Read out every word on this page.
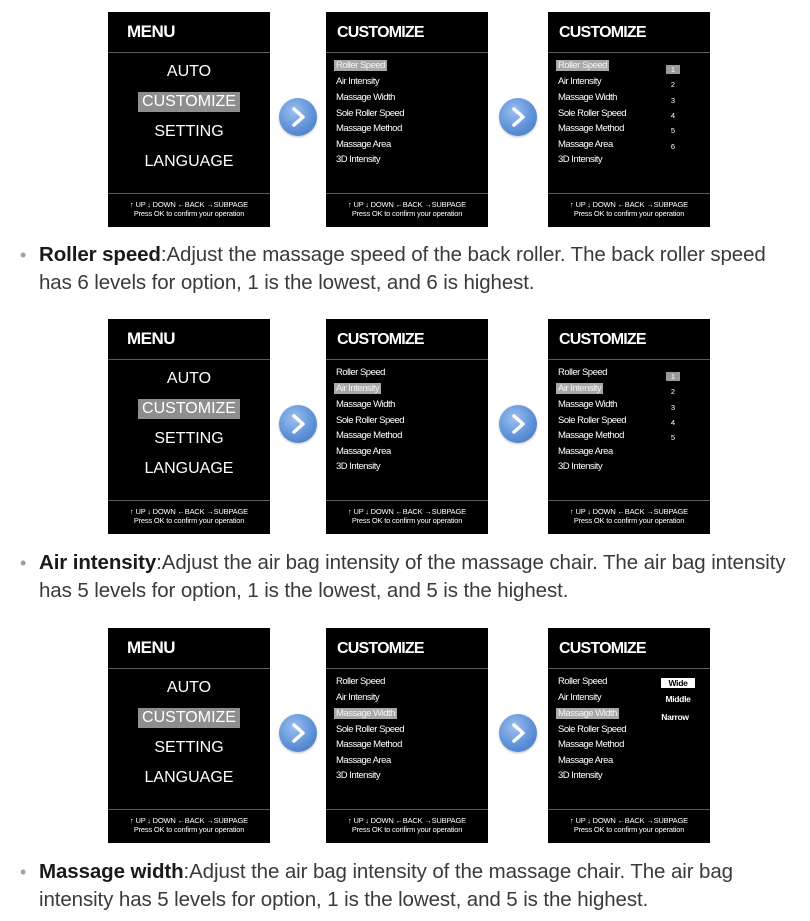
MENU
AUTO
CUSTOMIZE
SETTING
LANGUAGE
↑ UP ↓ DOWN ←BACK →SUBPAGE
Press OK to confirm your operation
CUSTOMIZE
Roller Speed
Air Intensity
Massage Width
Sole Roller Speed
Massage Method
Massage Area
3D Intensity
↑ UP ↓ DOWN ←BACK →SUBPAGE
Press OK to confirm your operation
CUSTOMIZE
Roller Speed
Air Intensity
Massage Width
Sole Roller Speed
Massage Method
Massage Area
3D Intensity
1
2
3
4
5
6
↑ UP ↓ DOWN ←BACK →SUBPAGE
Press OK to confirm your operation
• Roller speed:Adjust the massage speed of the back roller. The back roller speed has 6 levels for option, 1 is the lowest, and 6 is highest.
MENU
AUTO
CUSTOMIZE
SETTING
LANGUAGE
↑ UP ↓ DOWN ←BACK →SUBPAGE
Press OK to confirm your operation
CUSTOMIZE
Roller Speed
Air Intensity
Massage Width
Sole Roller Speed
Massage Method
Massage Area
3D Intensity
↑ UP ↓ DOWN ←BACK →SUBPAGE
Press OK to confirm your operation
CUSTOMIZE
Roller Speed
Air Intensity
Massage Width
Sole Roller Speed
Massage Method
Massage Area
3D Intensity
1
2
3
4
5
↑ UP ↓ DOWN ←BACK →SUBPAGE
Press OK to confirm your operation
• Air intensity:Adjust the air bag intensity of the massage chair. The air bag intensity has 5 levels for option, 1 is the lowest, and 5 is the highest.
MENU
AUTO
CUSTOMIZE
SETTING
LANGUAGE
↑ UP ↓ DOWN ←BACK →SUBPAGE
Press OK to confirm your operation
CUSTOMIZE
Roller Speed
Air Intensity
Massage Width
Sole Roller Speed
Massage Method
Massage Area
3D Intensity
↑ UP ↓ DOWN ←BACK →SUBPAGE
Press OK to confirm your operation
CUSTOMIZE
Roller Speed
Air Intensity
Massage Width
Sole Roller Speed
Massage Method
Massage Area
3D Intensity
Wide
Middle
Narrow
↑ UP ↓ DOWN ←BACK →SUBPAGE
Press OK to confirm your operation
• Massage width:Adjust the air bag intensity of the massage chair. The air bag intensity has 5 levels for option, 1 is the lowest, and 5 is the highest.
